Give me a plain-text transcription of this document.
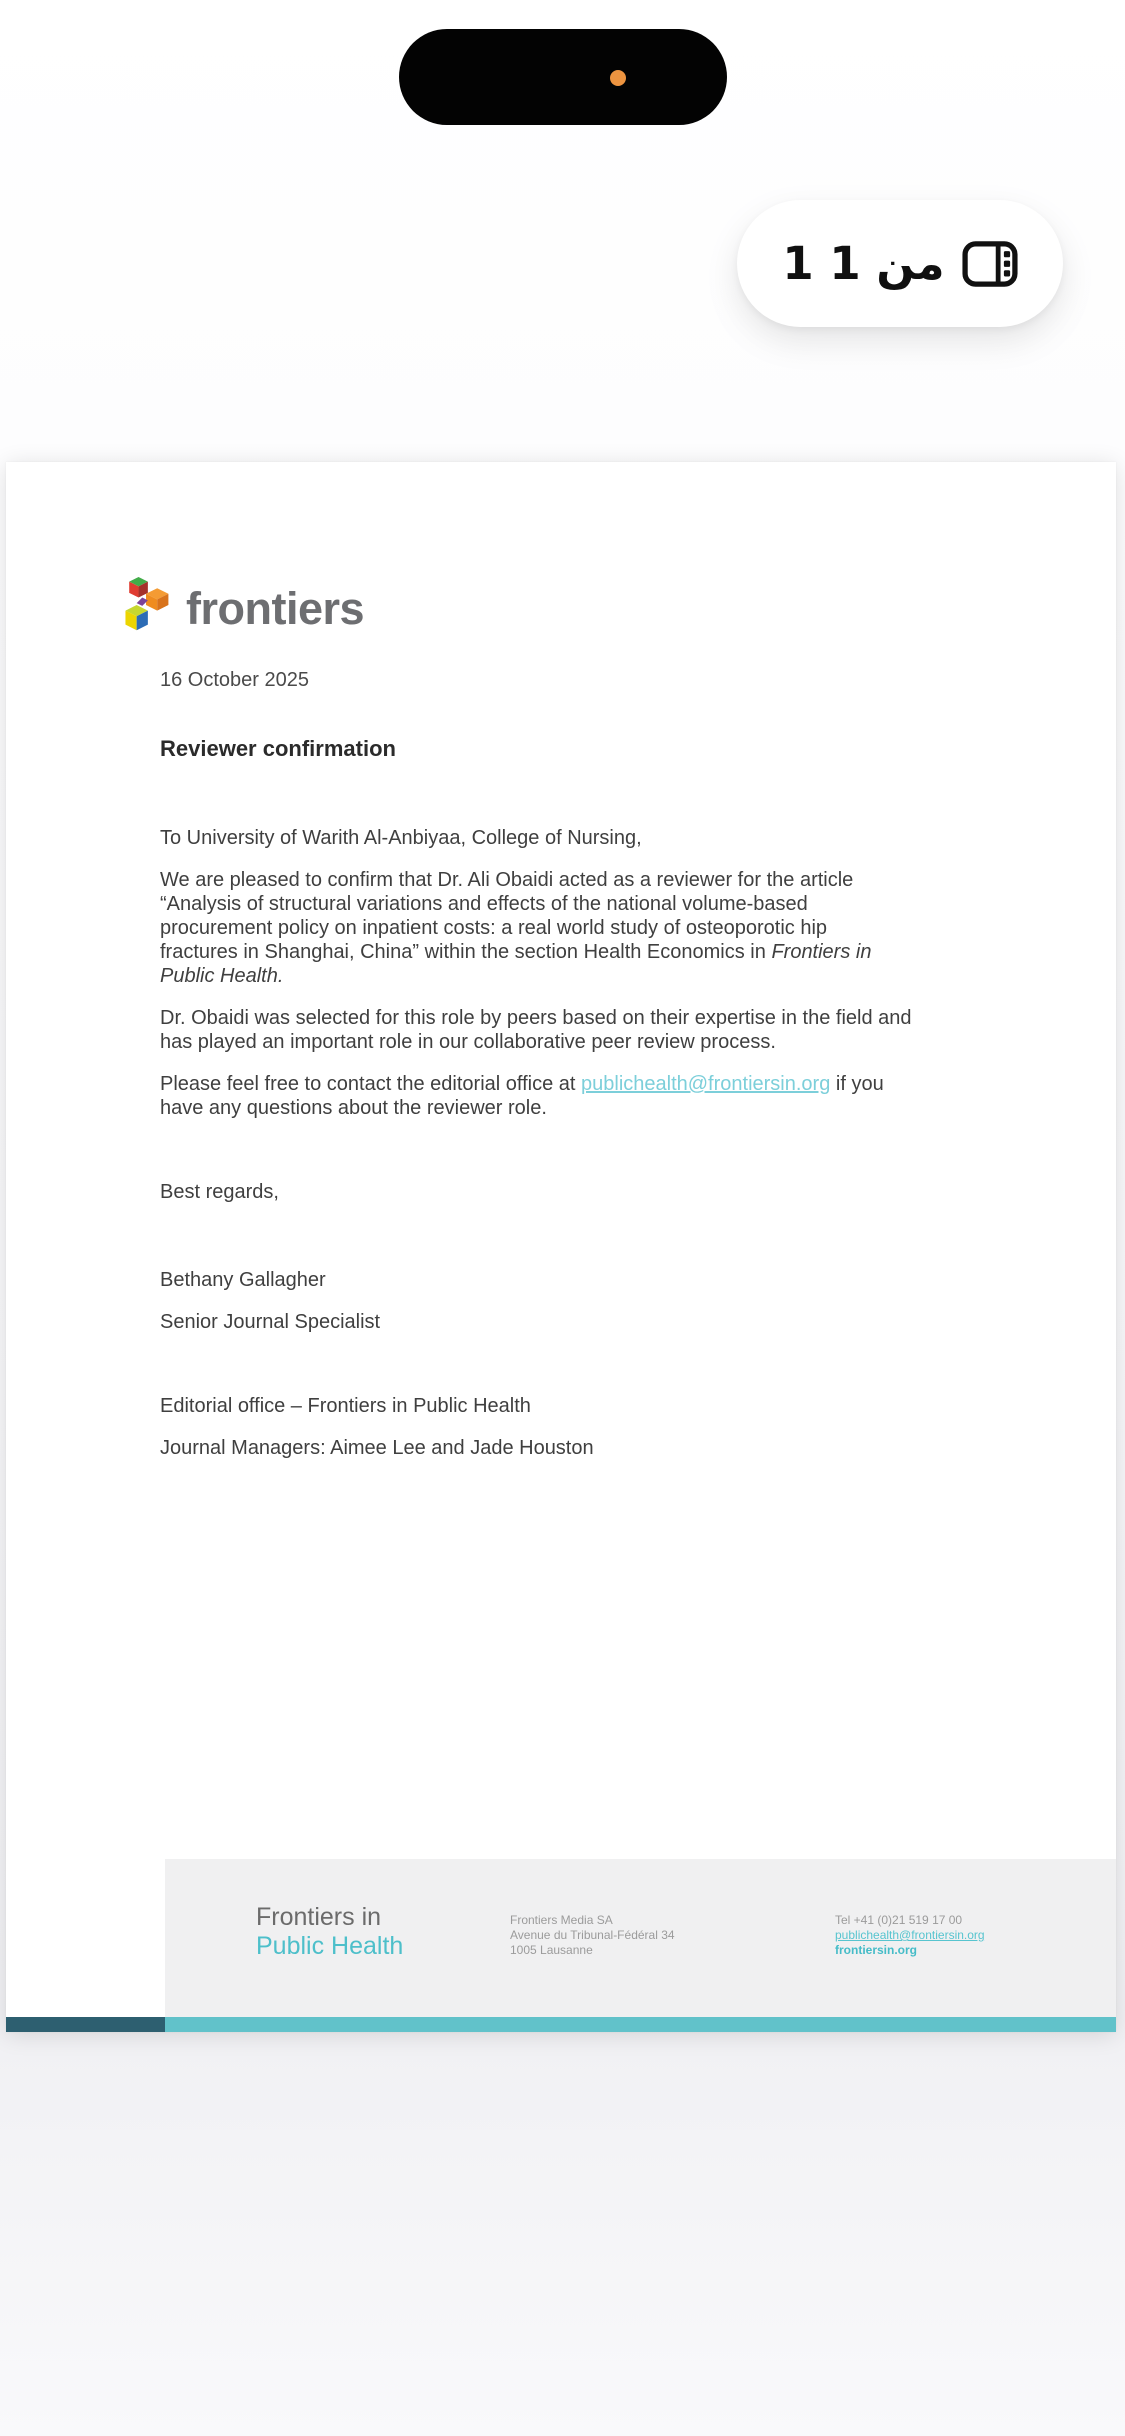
1 من 1
frontiers
16 October 2025
Reviewer confirmation
To University of Warith Al-Anbiyaa, College of Nursing,
We are pleased to confirm that Dr. Ali Obaidi acted as a reviewer for the article
“Analysis of structural variations and effects of the national volume-based
procurement policy on inpatient costs: a real world study of osteoporotic hip
fractures in Shanghai, China” within the section Health Economics in Frontiers in
Public Health.
Dr. Obaidi was selected for this role by peers based on their expertise in the field and
has played an important role in our collaborative peer review process.
Please feel free to contact the editorial office at publichealth@frontiersin.org if you
have any questions about the reviewer role.
Best regards,
Bethany Gallagher
Senior Journal Specialist
Editorial office – Frontiers in Public Health
Journal Managers: Aimee Lee and Jade Houston
Frontiers in
Public Health
Frontiers Media SA
Avenue du Tribunal-Fédéral 34
1005 Lausanne
Tel +41 (0)21 519 17 00
publichealth@frontiersin.org
frontiersin.org
